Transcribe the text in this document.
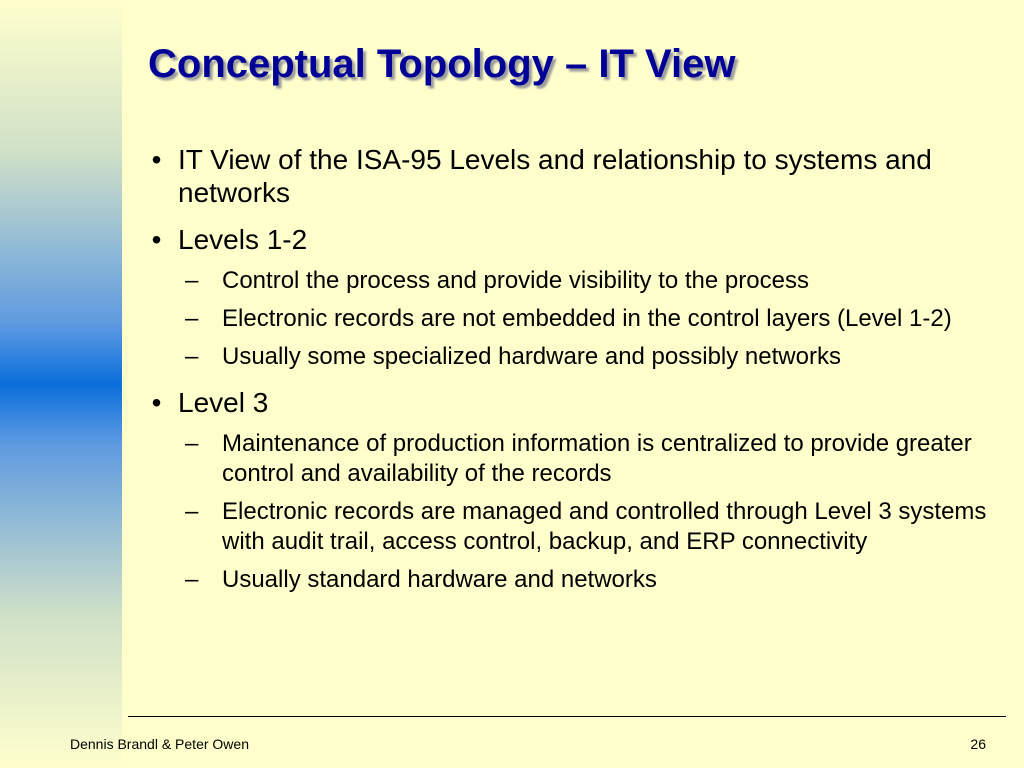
Conceptual Topology – IT View
• IT View of the ISA-95 Levels and relationship to systems and networks
• Levels 1-2
– Control the process and provide visibility to the process
– Electronic records are not embedded in the control layers (Level 1-2)
– Usually some specialized hardware and possibly networks
• Level 3
– Maintenance of production information is centralized to provide greater control and availability of the records
– Electronic records are managed and controlled through Level 3 systems with audit trail, access control, backup, and ERP connectivity
– Usually standard hardware and networks
Dennis Brandl & Peter Owen	26
